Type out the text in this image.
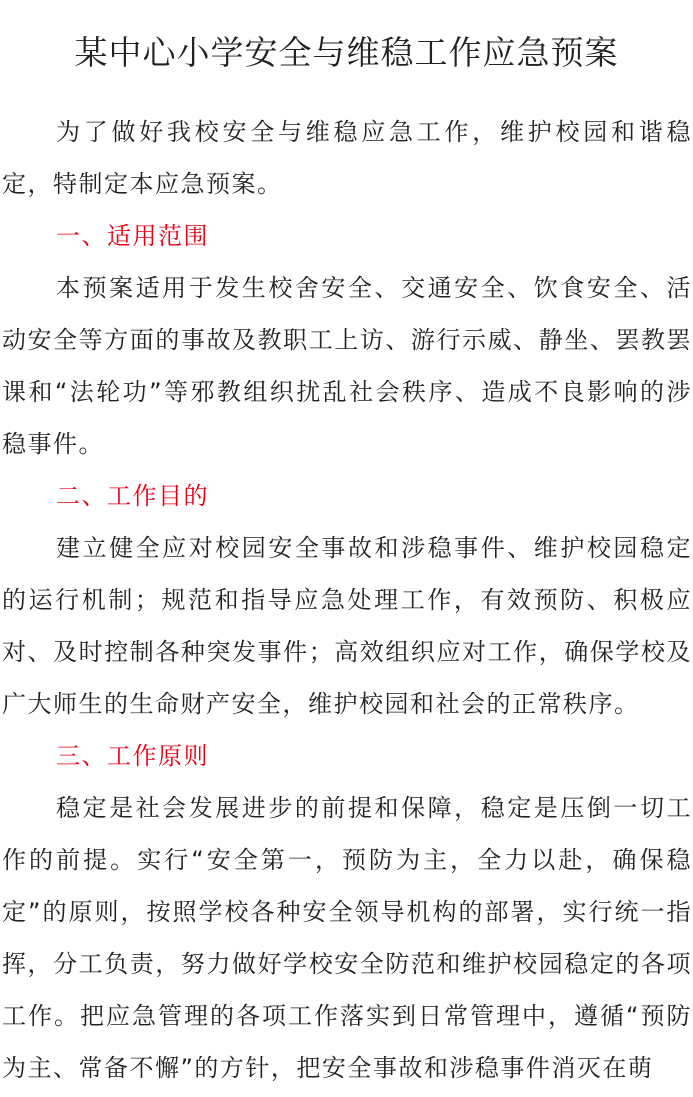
某中心小学安全与维稳工作应急预案

为了做好我校安全与维稳应急工作，维护校园和谐稳定，特制定本应急预案。

一、适用范围

本预案适用于发生校舍安全、交通安全、饮食安全、活动安全等方面的事故及教职工上访、游行示威、静坐、罢教罢课和“法轮功”等邪教组织扰乱社会秩序、造成不良影响的涉稳事件。

二、工作目的

建立健全应对校园安全事故和涉稳事件、维护校园稳定的运行机制；规范和指导应急处理工作，有效预防、积极应对、及时控制各种突发事件；高效组织应对工作，确保学校及广大师生的生命财产安全，维护校园和社会的正常秩序。

三、工作原则

稳定是社会发展进步的前提和保障，稳定是压倒一切工作的前提。实行“安全第一，预防为主，全力以赴，确保稳定”的原则，按照学校各种安全领导机构的部署，实行统一指挥，分工负责，努力做好学校安全防范和维护校园稳定的各项工作。把应急管理的各项工作落实到日常管理中，遵循“预防为主、常备不懈”的方针，把安全事故和涉稳事件消灭在萌
